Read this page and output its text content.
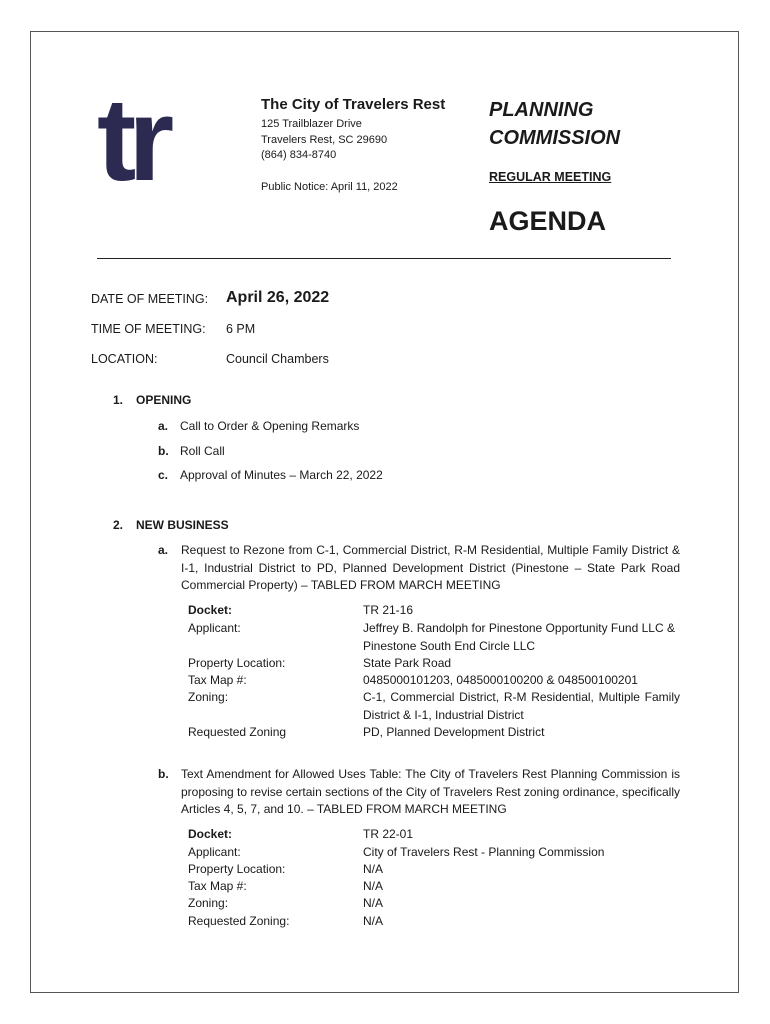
tr	The City of Travelers Rest
125 Trailblazer Drive
Travelers Rest, SC 29690
(864) 834-8740
Public Notice: April 11, 2022
PLANNING
COMMISSION
REGULAR MEETING
AGENDA
DATE OF MEETING: April 26, 2022
TIME OF MEETING: 6 PM
LOCATION:	Council Chambers
1. OPENING
a. Call to Order & Opening Remarks
b. Roll Call
c. Approval of Minutes – March 22, 2022
2. NEW BUSINESS
a.	Request to Rezone from C-1, Commercial District, R-M Residential, Multiple Family District & I-1, Industrial District to PD, Planned Development District (Pinestone – State Park Road Commercial Property) – TABLED FROM MARCH MEETING
Docket:	TR 21-16
Applicant:	Jeffrey B. Randolph for Pinestone Opportunity Fund LLC & Pinestone South End Circle LLC
Property Location:	State Park Road
Tax Map #:	0485000101203, 0485000100200 & 048500100201
Zoning:	C-1, Commercial District, R-M Residential, Multiple Family District & I-1, Industrial District
Requested Zoning	PD, Planned Development District
b.	Text Amendment for Allowed Uses Table: The City of Travelers Rest Planning Commission is proposing to revise certain sections of the City of Travelers Rest zoning ordinance, specifically Articles 4, 5, 7, and 10. – TABLED FROM MARCH MEETING
Docket:	TR 22-01
Applicant:	City of Travelers Rest - Planning Commission
Property Location:	N/A
Tax Map #:	N/A
Zoning:	N/A
Requested Zoning:	N/A
